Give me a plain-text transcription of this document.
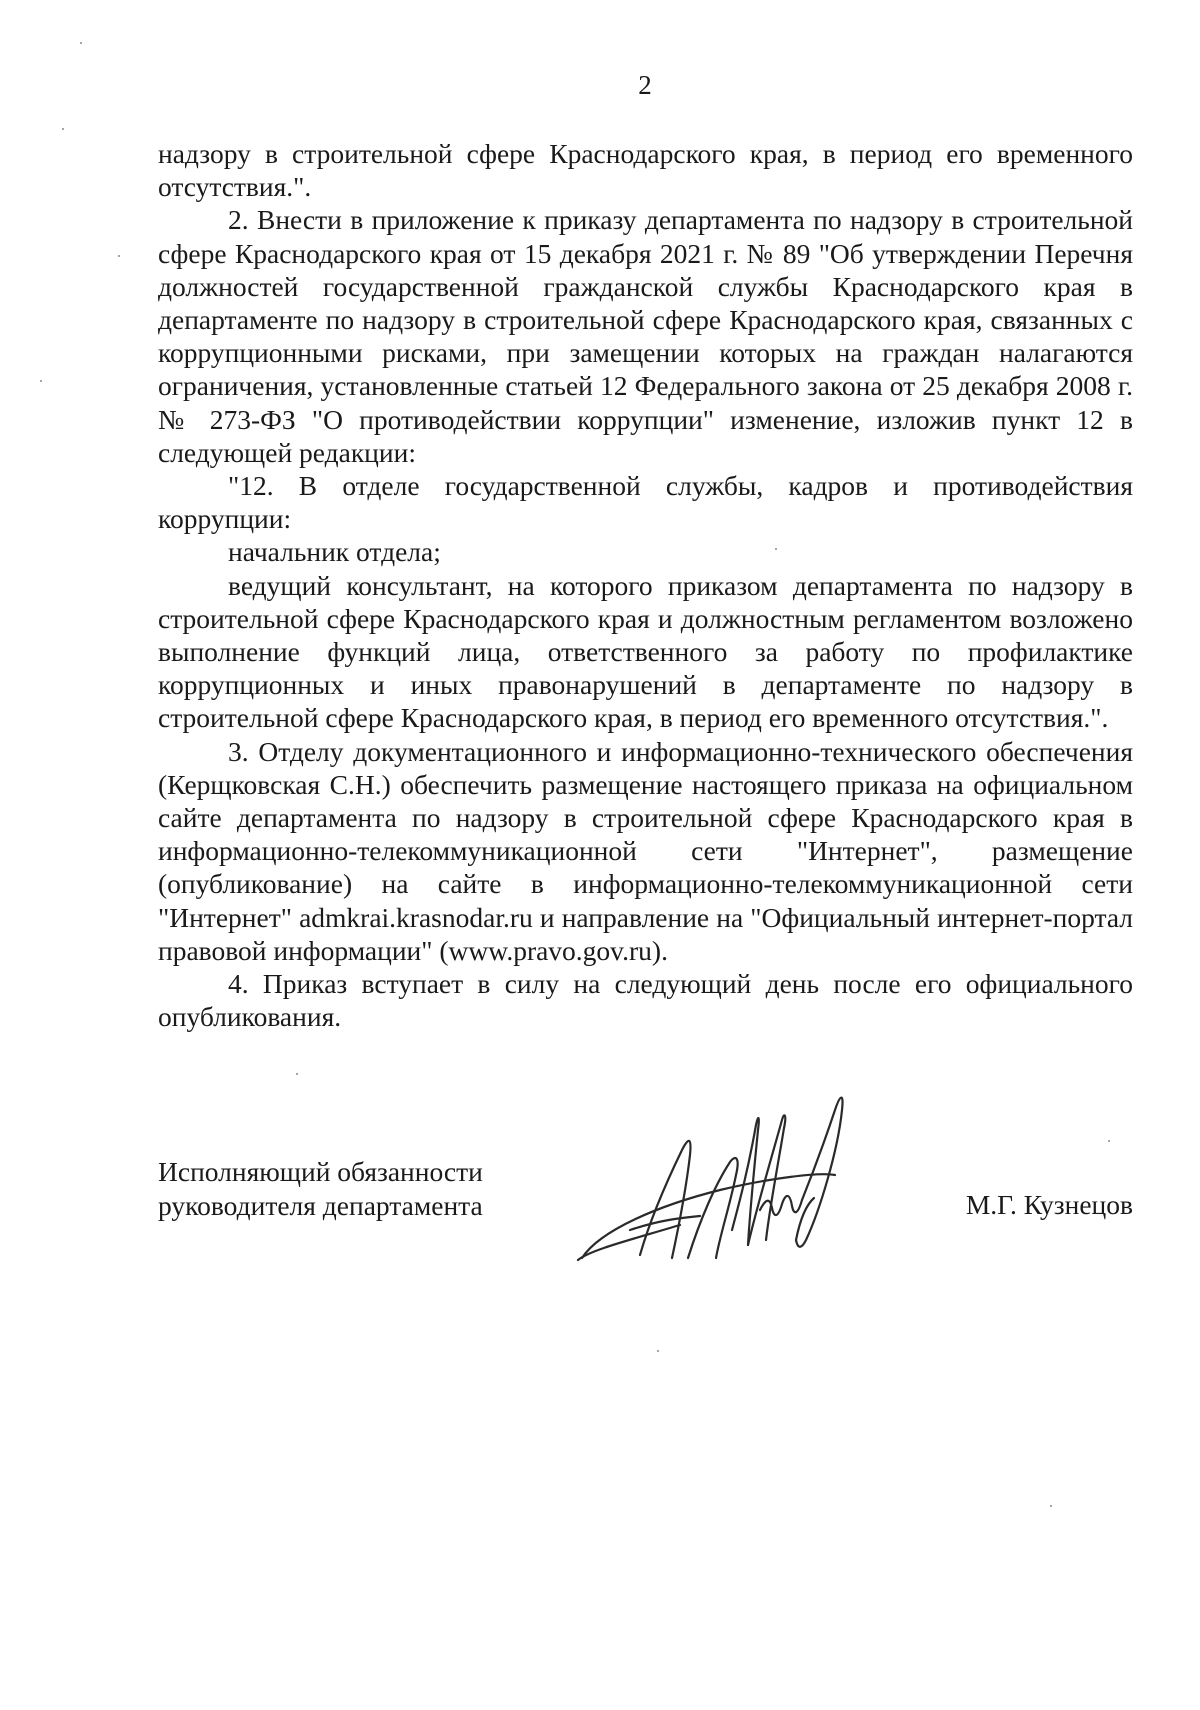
2

надзору в строительной сфере Краснодарского края, в период его временного отсутствия.".

2. Внести в приложение к приказу департамента по надзору в строительной сфере Краснодарского края от 15 декабря 2021 г. № 89 "Об утверждении Перечня должностей государственной гражданской службы Краснодарского края в департаменте по надзору в строительной сфере Краснодарского края, связанных с коррупционными рисками, при замещении которых на граждан налагаются ограничения, установленные статьей 12 Федерального закона от 25 декабря 2008 г. № 273-ФЗ "О противодействии коррупции" изменение, изложив пункт 12 в следующей редакции:

"12. В отделе государственной службы, кадров и противодействия коррупции:

начальник отдела;

ведущий консультант, на которого приказом департамента по надзору в строительной сфере Краснодарского края и должностным регламентом возложено выполнение функций лица, ответственного за работу по профилактике коррупционных и иных правонарушений в департаменте по надзору в строительной сфере Краснодарского края, в период его временного отсутствия.".

3. Отделу документационного и информационно-технического обеспечения (Керщковская С.Н.) обеспечить размещение настоящего приказа на официальном сайте департамента по надзору в строительной сфере Краснодарского края в информационно-телекоммуникационной сети "Интернет", размещение (опубликование) на сайте в информационно-телекоммуникационной сети "Интернет" admkrai.krasnodar.ru и направление на "Официальный интернет-портал правовой информации" (www.pravo.gov.ru).

4. Приказ вступает в силу на следующий день после его официального опубликования.

Исполняющий обязанности
руководителя департамента	М.Г. Кузнецов
